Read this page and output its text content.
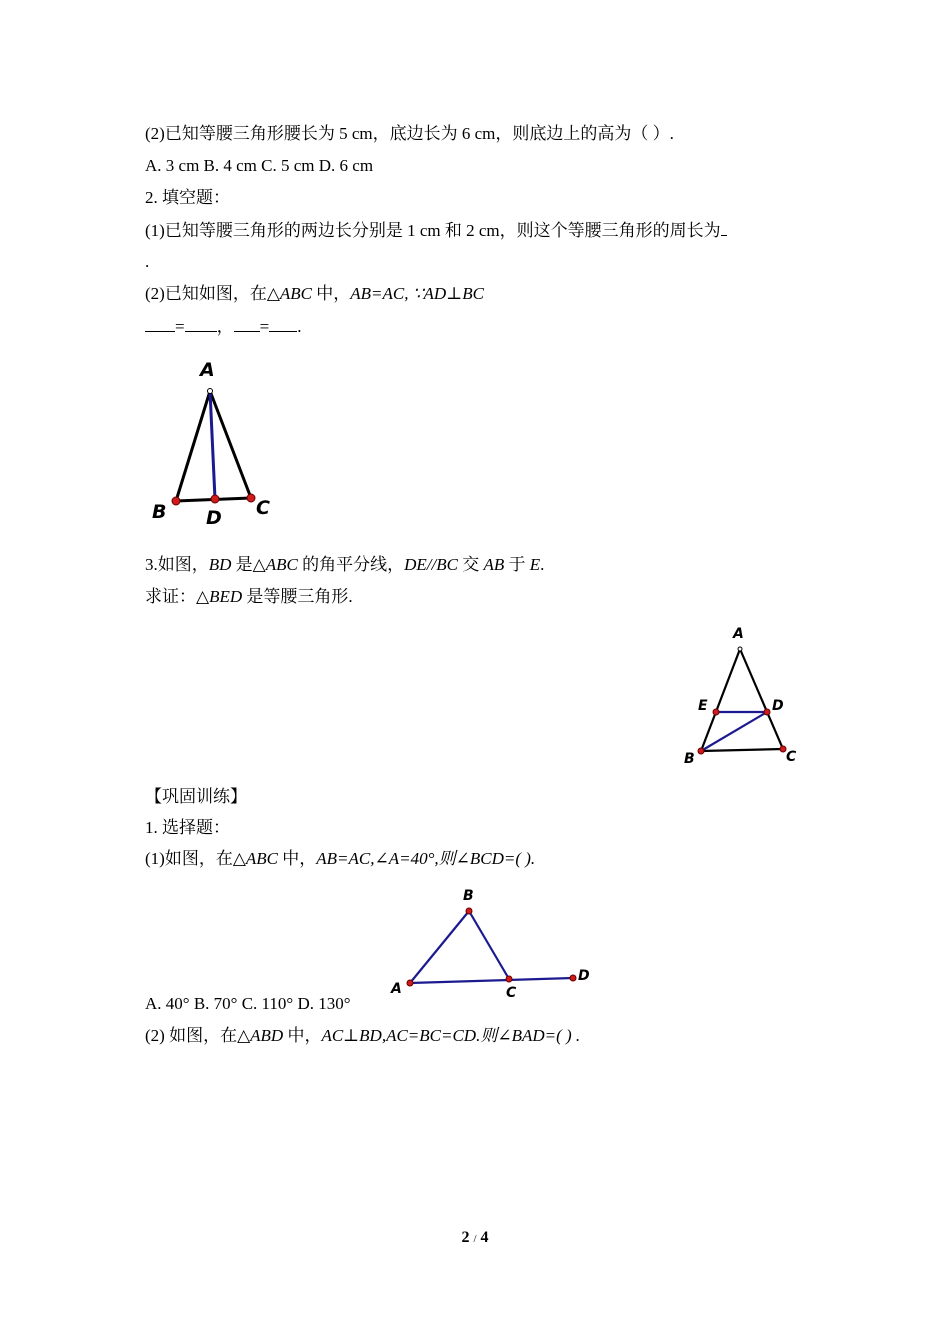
(2)已知等腰三角形腰长为 5 cm，底边长为 6 cm，则底边上的高为（ ）.
A. 3 cm B. 4 cm C. 5 cm D. 6 cm
2. 填空题：
(1)已知等腰三角形的两边长分别是 1 cm 和 2 cm，则这个等腰三角形的周长为
.
(2)已知如图，在△ABC 中，AB=AC, ∵AD⊥BC
= ， = .
A
B D C
3.如图，BD 是△ABC 的角平分线，DE//BC 交 AB 于 E.
求证：△BED 是等腰三角形.
A
E	D
B	C
【巩固训练】
1. 选择题：
(1)如图，在△ABC 中，AB=AC,∠A=40°,则∠BCD=( ).
B
A	C
D
A. 40° B. 70° C. 110° D. 130°
(2) 如图，在△ABD 中，AC⊥BD,AC=BC=CD.则∠BAD=( ) .
2 / 4
